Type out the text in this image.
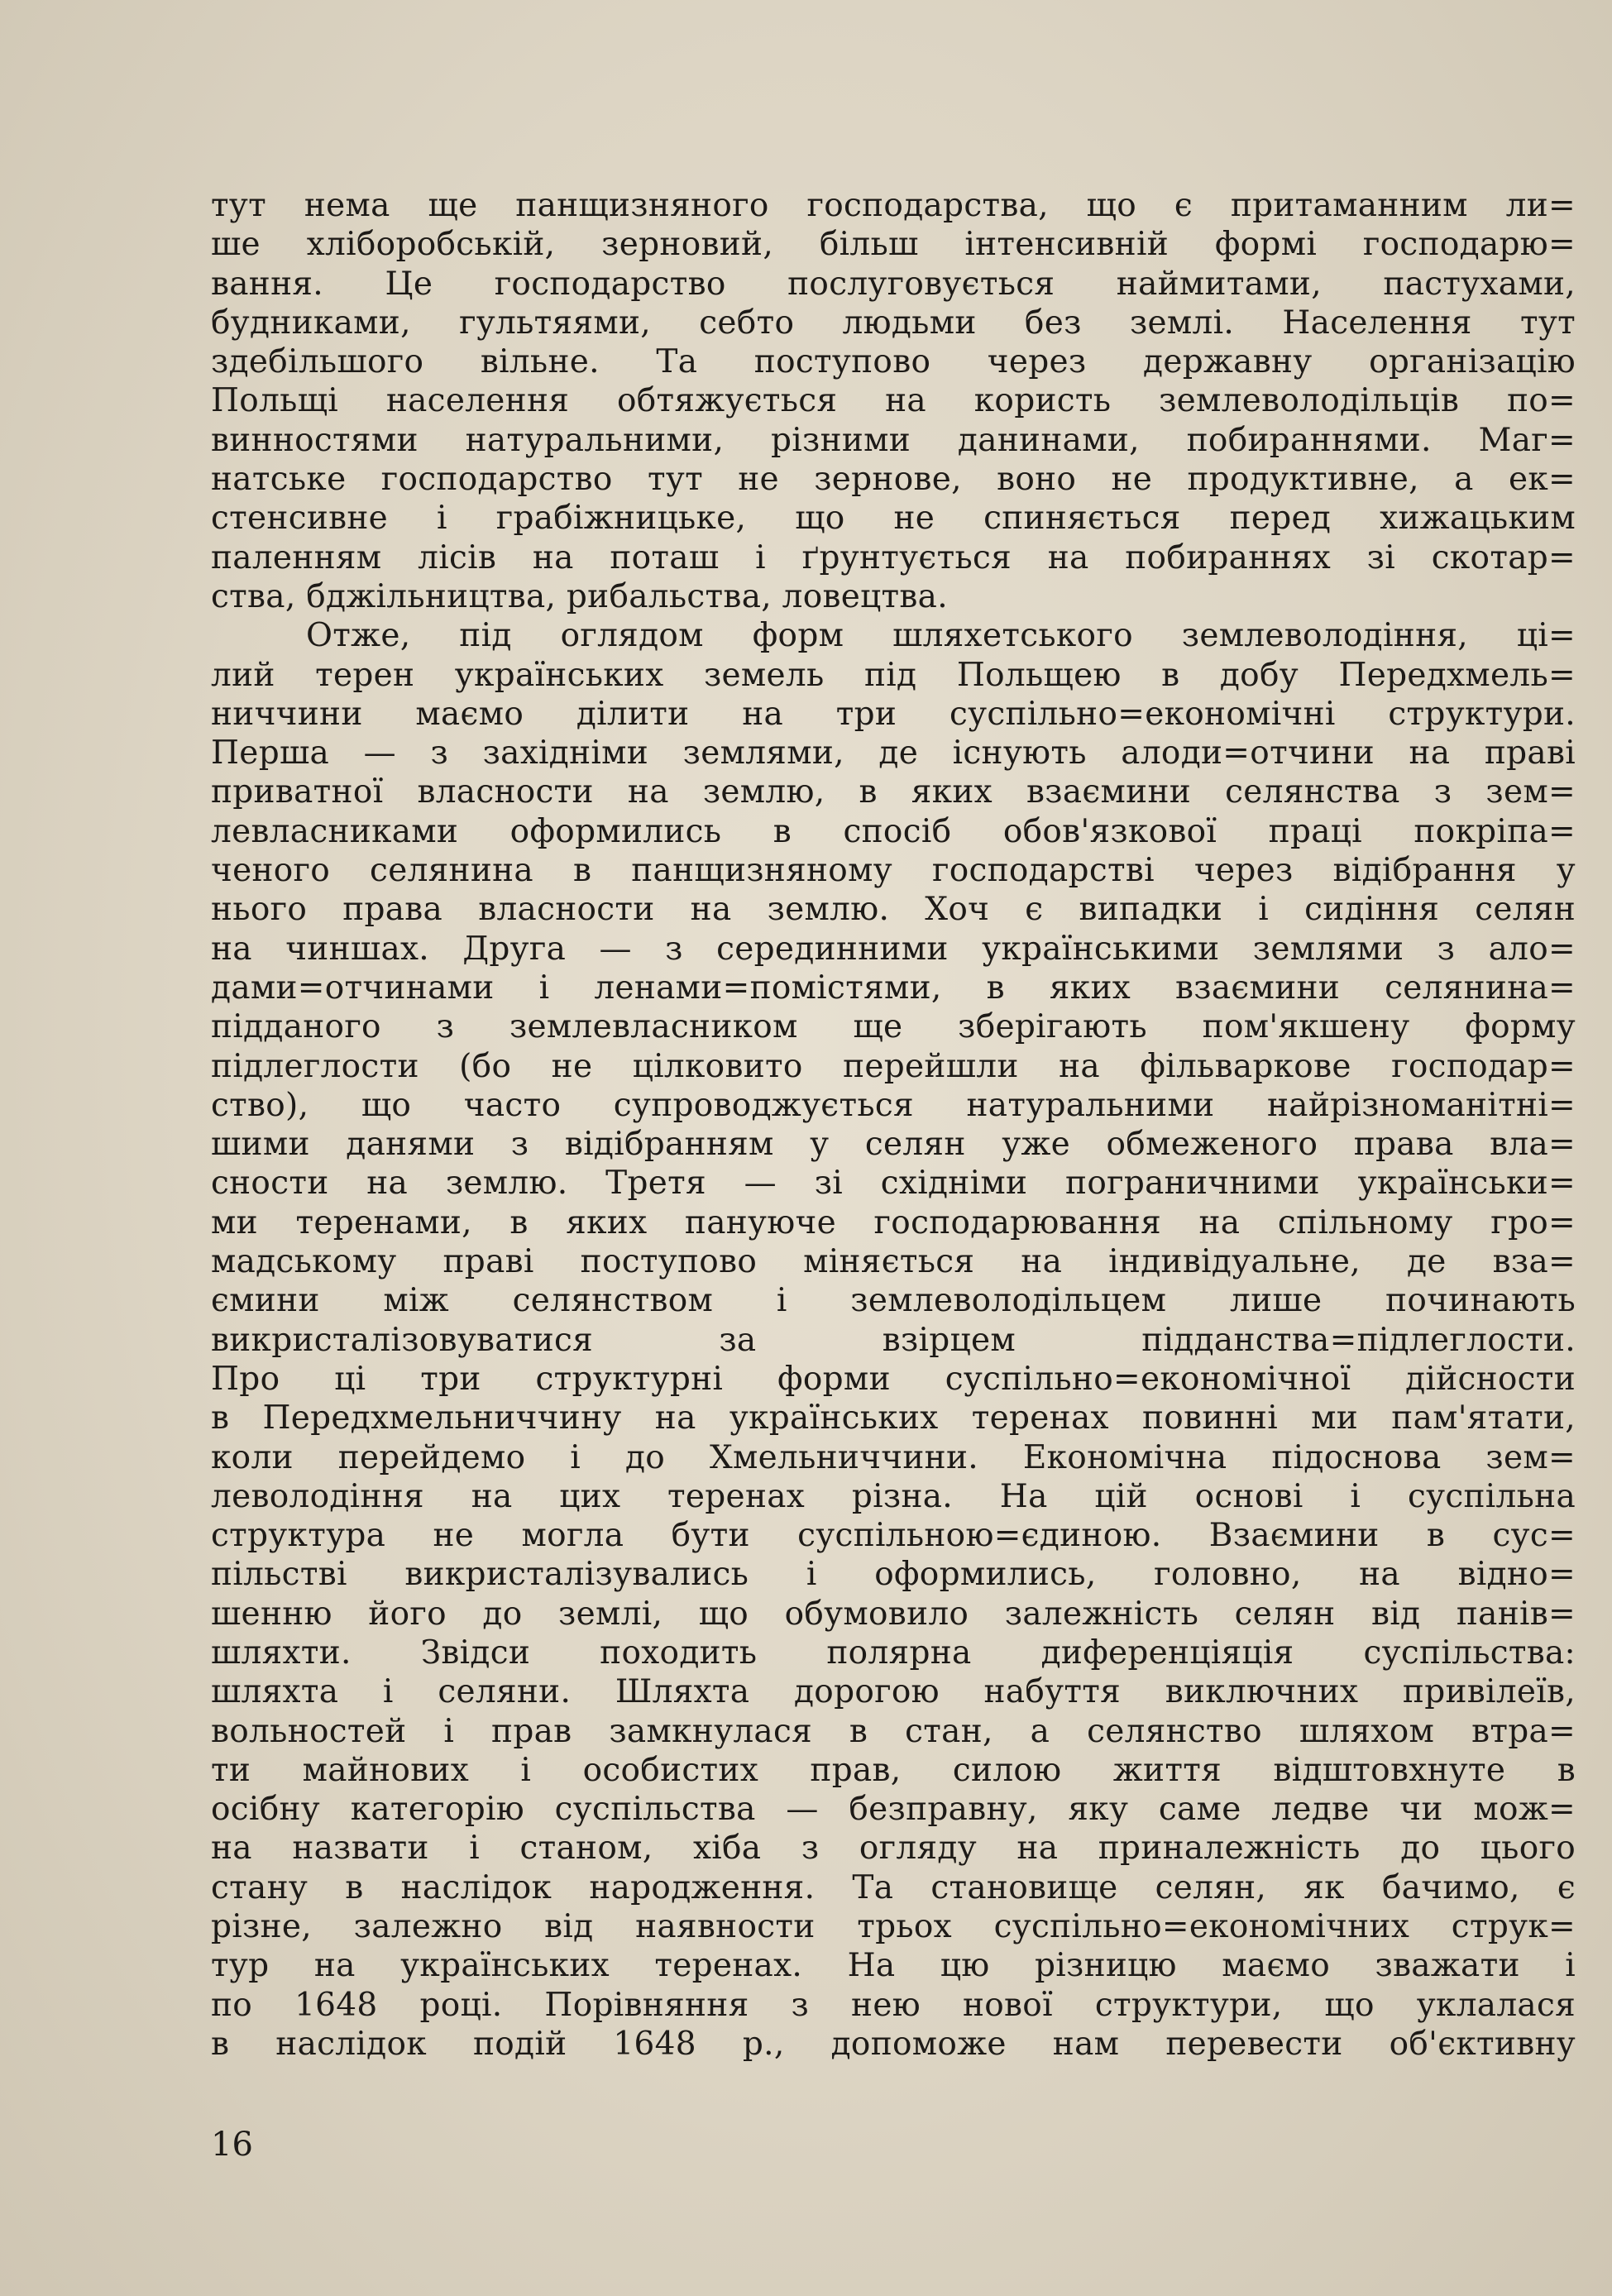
тут нема ще панщизняного господарства, що є притаманним ли=
ше хліборобській, зерновий, більш інтенсивній формі господарю=
вання. Це господарство послуговується наймитами, пастухами,
будниками, гультяями, себто людьми без землі. Населення тут
здебільшого вільне. Та поступово через державну організацію
Польщі населення обтяжується на користь землеволодільців по=
винностями натуральними, різними данинами, побираннями. Маг=
натське господарство тут не зернове, воно не продуктивне, а ек=
стенсивне і грабіжницьке, що не спиняється перед хижацьким
паленням лісів на поташ і ґрунтується на побираннях зі скотар=
ства, бджільництва, рибальства, ловецтва.
Отже, під оглядом форм шляхетського землеволодіння, ці=
лий терен українських земель під Польщею в добу Передхмель=
ниччини маємо ділити на три суспільно=економічні структури.
Перша — з західніми землями, де існують алоди=отчини на праві
приватної власности на землю, в яких взаємини селянства з зем=
левласниками оформились в спосіб обов'язкової праці покріпа=
ченого селянина в панщизняному господарстві через відібрання у
нього права власности на землю. Хоч є випадки і сидіння селян
на чиншах. Друга — з серединними українськими землями з ало=
дами=отчинами і ленами=помістями, в яких взаємини селянина=
підданого з землевласником ще зберігають пом'якшену форму
підлеглости (бо не цілковито перейшли на фільваркове господар=
ство), що часто супроводжується натуральними найрізноманітні=
шими данями з відібранням у селян уже обмеженого права вла=
сности на землю. Третя — зі східніми пограничними українськи=
ми теренами, в яких пануюче господарювання на спільному гро=
мадському праві поступово міняється на індивідуальне, де вза=
ємини між селянством і землеволодільцем лише починають
викристалізовуватися за взірцем підданства=підлеглости.
Про ці три структурні форми суспільно=економічної дійсности
в Передхмельниччину на українських теренах повинні ми пам'ятати,
коли перейдемо і до Хмельниччини. Економічна підоснова зем=
леволодіння на цих теренах різна. На цій основі і суспільна
структура не могла бути суспільною=єдиною. Взаємини в сус=
пільстві викристалізувались і оформились, головно, на відно=
шенню його до землі, що обумовило залежність селян від панів=
шляхти. Звідси походить полярна диференціяція суспільства:
шляхта і селяни. Шляхта дорогою набуття виключних привілеїв,
вольностей і прав замкнулася в стан, а селянство шляхом втра=
ти майнових і особистих прав, силою життя відштовхнуте в
осібну категорію суспільства — безправну, яку саме ледве чи мож=
на назвати і станом, хіба з огляду на приналежність до цього
стану в наслідок народження. Та становище селян, як бачимо, є
різне, залежно від наявности трьох суспільно=економічних струк=
тур на українських теренах. На цю різницю маємо зважати і
по 1648 році. Порівняння з нею нової структури, що уклалася
в наслідок подій 1648 р., допоможе нам перевести об'єктивну
16
